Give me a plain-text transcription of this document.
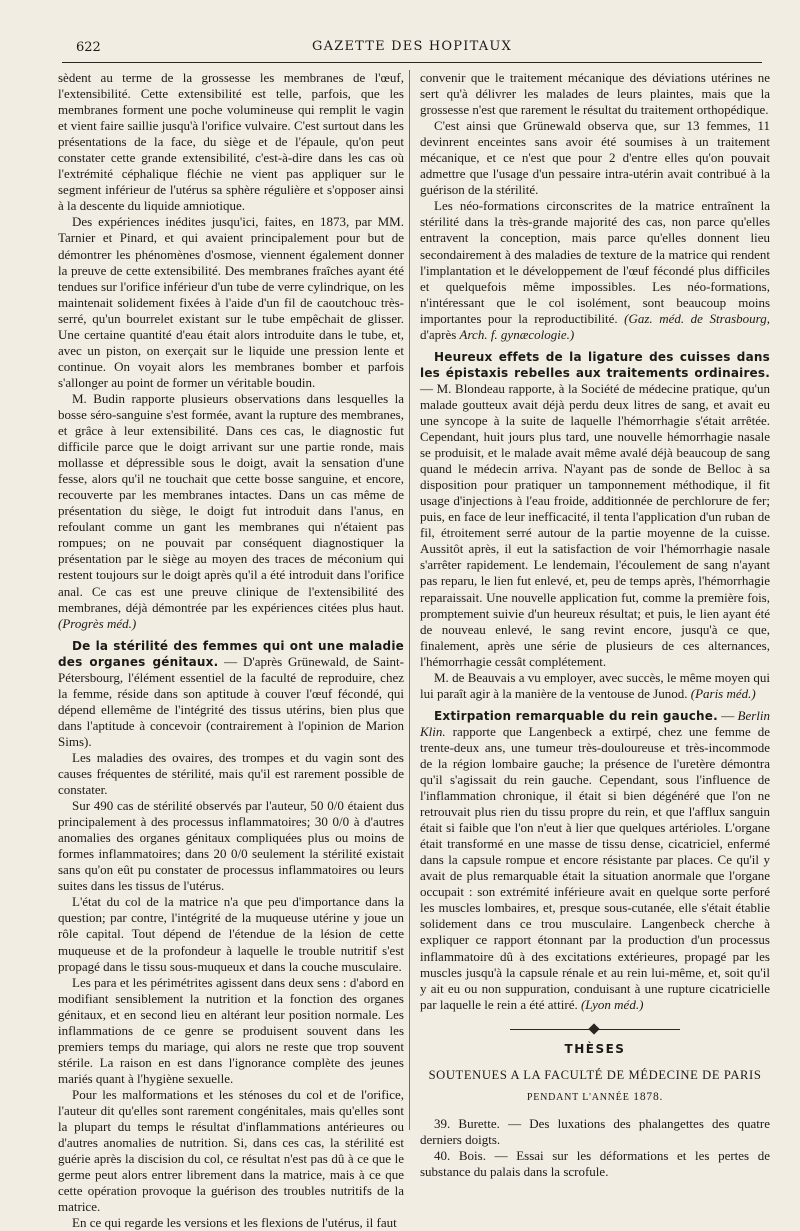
622	GAZETTE DES HOPITAUX

sèdent au terme de la grossesse les membranes de l'œuf, l'extensibilité. Cette extensibilité est telle, parfois, que les membranes forment une poche volumineuse qui remplit le vagin et vient faire saillie jusqu'à l'orifice vulvaire. C'est surtout dans les présentations de la face, du siège et de l'épaule, qu'on peut constater cette grande extensibilité, c'est-à-dire dans les cas où l'extrémité céphalique fléchie ne vient pas appliquer sur le segment inférieur de l'utérus sa sphère régulière et s'opposer ainsi à la descente du liquide amniotique.

Des expériences inédites jusqu'ici, faites, en 1873, par MM. Tarnier et Pinard, et qui avaient principalement pour but de démontrer les phénomènes d'osmose, viennent également donner la preuve de cette extensibilité. Des membranes fraîches ayant été tendues sur l'orifice inférieur d'un tube de verre cylindrique, on les maintenait solidement fixées à l'aide d'un fil de caoutchouc très-serré, qu'un bourrelet existant sur le tube empêchait de glisser. Une certaine quantité d'eau était alors introduite dans le tube, et, avec un piston, on exerçait sur le liquide une pression lente et continue. On voyait alors les membranes bomber et parfois s'allonger au point de former un véritable boudin.

M. Budin rapporte plusieurs observations dans lesquelles la bosse séro-sanguine s'est formée, avant la rupture des membranes, et grâce à leur extensibilité. Dans ces cas, le diagnostic fut difficile parce que le doigt arrivant sur une partie ronde, mais mollasse et dépressible sous le doigt, avait la sensation d'une fesse, alors qu'il ne touchait que cette bosse sanguine, et encore, recouverte par les membranes intactes. Dans un cas même de présentation du siège, le doigt fut introduit dans l'anus, en refoulant comme un gant les membranes qui n'étaient pas rompues; on ne pouvait par conséquent diagnostiquer la présentation par le siège au moyen des traces de méconium qui restent toujours sur le doigt après qu'il a été introduit dans l'orifice anal. Ce cas est une preuve clinique de l'extensibilité des membranes, déjà démontrée par les expériences citées plus haut. (Progrès méd.)

De la stérilité des femmes qui ont une maladie des organes génitaux. — D'après Grünewald, de Saint-Pétersbourg, l'élément essentiel de la faculté de reproduire, chez la femme, réside dans son aptitude à couver l'œuf fécondé, qui dépend ellemême de l'intégrité des tissus utérins, bien plus que dans l'aptitude à concevoir (contrairement à l'opinion de Marion Sims).

Les maladies des ovaires, des trompes et du vagin sont des causes fréquentes de stérilité, mais qu'il est rarement possible de constater.

Sur 490 cas de stérilité observés par l'auteur, 50 0/0 étaient dus principalement à des processus inflammatoires; 30 0/0 à d'autres anomalies des organes génitaux compliquées plus ou moins de formes inflammatoires; dans 20 0/0 seulement la stérilité existait sans qu'on eût pu constater de processus inflammatoires ou leurs suites dans les tissus de l'utérus.

L'état du col de la matrice n'a que peu d'importance dans la question; par contre, l'intégrité de la muqueuse utérine y joue un rôle capital. Tout dépend de l'étendue de la lésion de cette muqueuse et de la profondeur à laquelle le trouble nutritif s'est propagé dans le tissu sous-muqueux et dans la couche musculaire.

Les para et les périmétrites agissent dans deux sens : d'abord en modifiant sensiblement la nutrition et la fonction des organes génitaux, et en second lieu en altérant leur position normale. Les inflammations de ce genre se produisent souvent dans les premiers temps du mariage, qui alors ne reste que trop souvent stérile. La raison en est dans l'ignorance complète des jeunes mariés quant à l'hygiène sexuelle.

Pour les malformations et les sténoses du col et de l'orifice, l'auteur dit qu'elles sont rarement congénitales, mais qu'elles sont la plupart du temps le résultat d'inflammations antérieures ou d'autres anomalies de nutrition. Si, dans ces cas, la stérilité est guérie après la discision du col, ce résultat n'est pas dû à ce que le germe peut alors entrer librement dans la matrice, mais à ce que cette opération provoque la guérison des troubles nutritifs de la matrice.

En ce qui regarde les versions et les flexions de l'utérus, il faut

convenir que le traitement mécanique des déviations utérines ne sert qu'à délivrer les malades de leurs plaintes, mais que la grossesse n'est que rarement le résultat du traitement orthopédique.

C'est ainsi que Grünewald observa que, sur 13 femmes, 11 devinrent enceintes sans avoir été soumises à un traitement mécanique, et ce n'est que pour 2 d'entre elles qu'on pouvait admettre que l'usage d'un pessaire intra-utérin avait contribué à la guérison de la stérilité.

Les néo-formations circonscrites de la matrice entraînent la stérilité dans la très-grande majorité des cas, non parce qu'elles entravent la conception, mais parce qu'elles donnent lieu secondairement à des maladies de texture de la matrice qui rendent l'implantation et le développement de l'œuf fécondé plus difficiles et quelquefois même impossibles. Les néo-formations, n'intéressant que le col isolément, sont beaucoup moins importantes pour la reproductibilité. (Gaz. méd. de Strasbourg, d'après Arch. f. gynæcologie.)

Heureux effets de la ligature des cuisses dans les épistaxis rebelles aux traitements ordinaires. — M. Blondeau rapporte, à la Société de médecine pratique, qu'un malade goutteux avait déjà perdu deux litres de sang, et avait eu une syncope à la suite de laquelle l'hémorrhagie s'était arrêtée. Cependant, huit jours plus tard, une nouvelle hémorrhagie nasale se produisit, et le malade avait même avalé déjà beaucoup de sang quand le médecin arriva. N'ayant pas de sonde de Belloc à sa disposition pour pratiquer un tamponnement méthodique, il fit usage d'injections à l'eau froide, additionnée de perchlorure de fer; puis, en face de leur inefficacité, il tenta l'application d'un ruban de fil, étroitement serré autour de la partie moyenne de la cuisse. Aussitôt après, il eut la satisfaction de voir l'hémorrhagie nasale s'arrêter rapidement. Le lendemain, l'écoulement de sang n'ayant pas reparu, le lien fut enlevé, et, peu de temps après, l'hémorrhagie reparaissait. Une nouvelle application fut, comme la première fois, promptement suivie d'un heureux résultat; et puis, le lien ayant été de nouveau enlevé, le sang revint encore, jusqu'à ce que, finalement, après une série de plusieurs de ces alternances, l'hémorrhagie cessât complétement.

M. de Beauvais a vu employer, avec succès, le même moyen qui lui paraît agir à la manière de la ventouse de Junod. (Paris méd.)

Extirpation remarquable du rein gauche. — Berlin Klin. rapporte que Langenbeck a extirpé, chez une femme de trente-deux ans, une tumeur très-douloureuse et très-incommode de la région lombaire gauche; la présence de l'uretère démontra qu'il s'agissait du rein gauche. Cependant, sous l'influence de l'inflammation chronique, il était si bien dégénéré que l'on ne retrouvait plus rien du tissu propre du rein, et que l'afflux sanguin était si faible que l'on n'eut à lier que quelques artérioles. L'organe était transformé en une masse de tissu dense, cicatriciel, enfermé dans la capsule rompue et encore résistante par places. Ce qu'il y avait de plus remarquable était la situation anormale que l'organe occupait : son extrémité inférieure avait en quelque sorte perforé les muscles lombaires, et, presque sous-cutanée, elle s'était établie solidement dans ce trou musculaire. Langenbeck cherche à expliquer ce rapport étonnant par la production d'un processus inflammatoire dû à des excitations extérieures, propagé par les muscles jusqu'à la capsule rénale et au rein lui-même, et, soit qu'il y ait eu ou non suppuration, conduisant à une rupture cicatricielle par laquelle le rein a été attiré. (Lyon méd.)

THÈSES
SOUTENUES A LA FACULTÉ DE MÉDECINE DE PARIS
PENDANT L'ANNÉE 1878.

39. Burette. — Des luxations des phalangettes des quatre derniers doigts.

40. Bois. — Essai sur les déformations et les pertes de substance du palais dans la scrofule.
